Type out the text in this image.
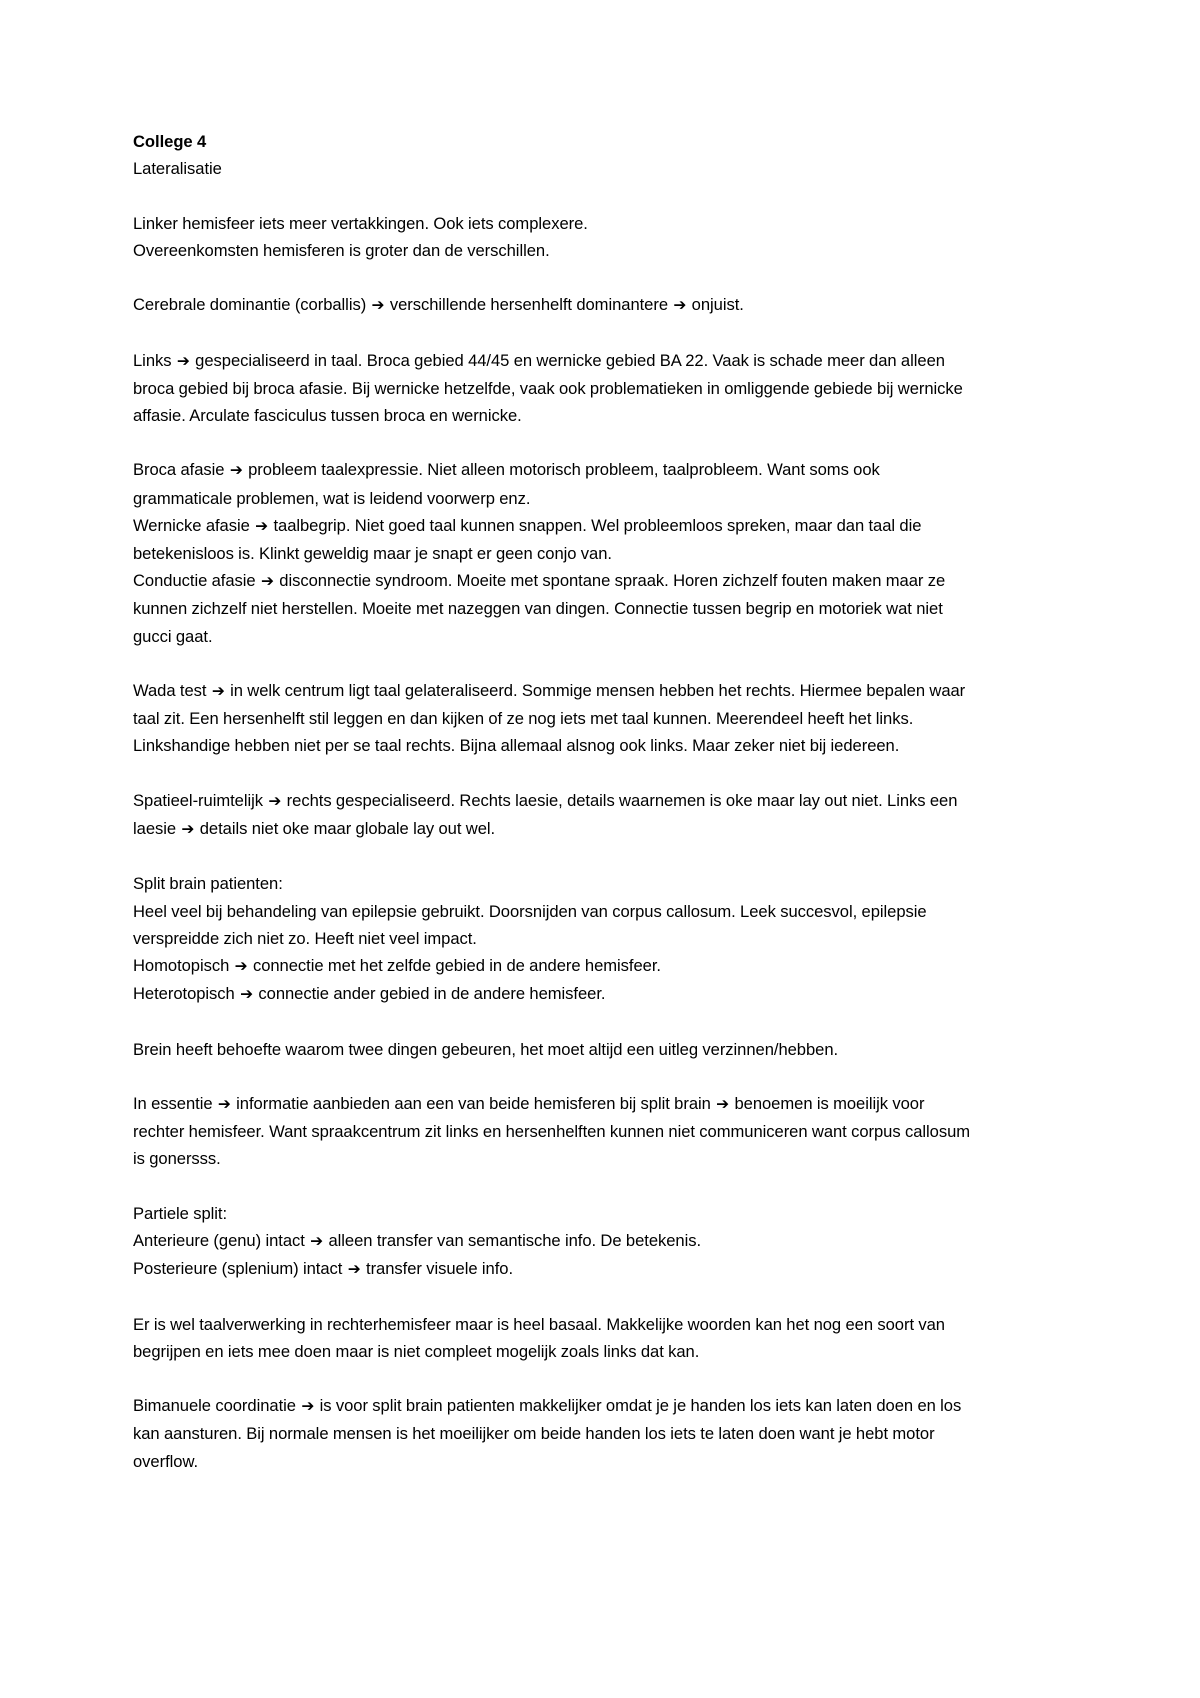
College 4
Lateralisatie
Linker hemisfeer iets meer vertakkingen. Ook iets complexere.
Overeenkomsten hemisferen is groter dan de verschillen.
Cerebrale dominantie (corballis) ➔ verschillende hersenhelft dominantere ➔ onjuist.
Links ➔ gespecialiseerd in taal. Broca gebied 44/45 en wernicke gebied BA 22. Vaak is schade meer dan alleen broca gebied bij broca afasie. Bij wernicke hetzelfde, vaak ook problematieken in omliggende gebiede bij wernicke affasie. Arculate fasciculus tussen broca en wernicke.
Broca afasie ➔ probleem taalexpressie. Niet alleen motorisch probleem, taalprobleem. Want soms ook grammaticale problemen, wat is leidend voorwerp enz.
Wernicke afasie ➔ taalbegrip. Niet goed taal kunnen snappen. Wel probleemloos spreken, maar dan taal die betekenisloos is. Klinkt geweldig maar je snapt er geen conjo van.
Conductie afasie ➔ disconnectie syndroom. Moeite met spontane spraak. Horen zichzelf fouten maken maar ze kunnen zichzelf niet herstellen. Moeite met nazeggen van dingen. Connectie tussen begrip en motoriek wat niet gucci gaat.
Wada test ➔ in welk centrum ligt taal gelateraliseerd. Sommige mensen hebben het rechts. Hiermee bepalen waar taal zit. Een hersenhelft stil leggen en dan kijken of ze nog iets met taal kunnen. Meerendeel heeft het links. Linkshandige hebben niet per se taal rechts. Bijna allemaal alsnog ook links. Maar zeker niet bij iedereen.
Spatieel-ruimtelijk ➔ rechts gespecialiseerd. Rechts laesie, details waarnemen is oke maar lay out niet. Links een laesie ➔ details niet oke maar globale lay out wel.
Split brain patienten:
Heel veel bij behandeling van epilepsie gebruikt. Doorsnijden van corpus callosum. Leek succesvol, epilepsie verspreidde zich niet zo. Heeft niet veel impact.
Homotopisch ➔ connectie met het zelfde gebied in de andere hemisfeer.
Heterotopisch ➔ connectie ander gebied in de andere hemisfeer.
Brein heeft behoefte waarom twee dingen gebeuren, het moet altijd een uitleg verzinnen/hebben.
In essentie ➔ informatie aanbieden aan een van beide hemisferen bij split brain ➔ benoemen is moeilijk voor rechter hemisfeer. Want spraakcentrum zit links en hersenhelften kunnen niet communiceren want corpus callosum is gonersss.
Partiele split:
Anterieure (genu) intact ➔ alleen transfer van semantische info. De betekenis.
Posterieure (splenium) intact ➔ transfer visuele info.
Er is wel taalverwerking in rechterhemisfeer maar is heel basaal. Makkelijke woorden kan het nog een soort van begrijpen en iets mee doen maar is niet compleet mogelijk zoals links dat kan.
Bimanuele coordinatie ➔ is voor split brain patienten makkelijker omdat je je handen los iets kan laten doen en los kan aansturen. Bij normale mensen is het moeilijker om beide handen los iets te laten doen want je hebt motor overflow.
